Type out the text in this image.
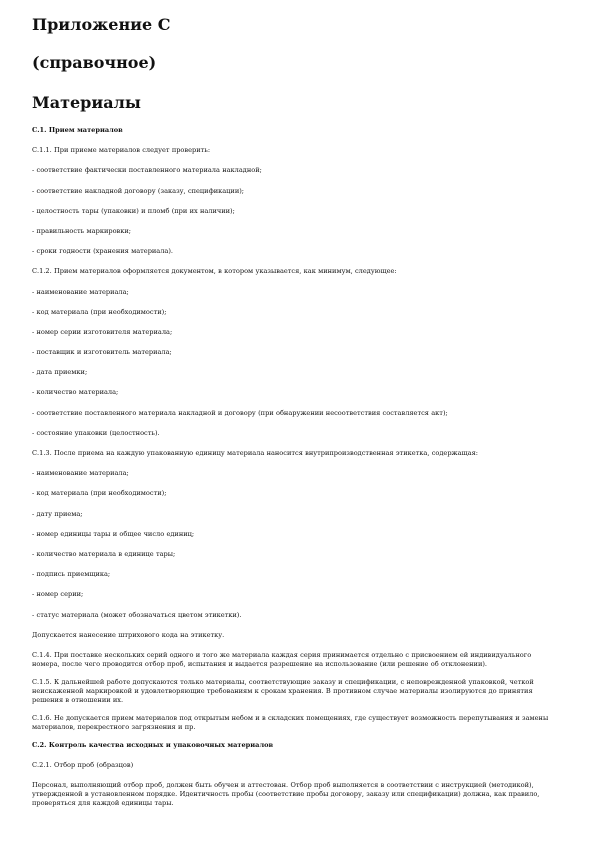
Приложение С
(справочное)
Материалы

С.1. Прием материалов

С.1.1. При приеме материалов следует проверить:

- соответствие фактически поставленного материала накладной;

- соответствие накладной договору (заказу, спецификации);

- целостность тары (упаковки) и пломб (при их наличии);

- правильность маркировки;

- сроки годности (хранения материала).

С.1.2. Прием материалов оформляется документом, в котором указывается, как минимум, следующее:

- наименование материала;

- код материала (при необходимости);

- номер серии изготовителя материала;

- поставщик и изготовитель материала;

- дата приемки;

- количество материала;

- соответствие поставленного материала накладной и договору (при обнаружении несоответствия составляется акт);

- состояние упаковки (целостность).

С.1.3. После приема на каждую упакованную единицу материала наносится внутрипроизводственная этикетка, содержащая:

- наименование материала;

- код материала (при необходимости);

- дату приема;

- номер единицы тары и общее число единиц;

- количество материала в единице тары;

- подпись приемщика;

- номер серии;

- статус материала (может обозначаться цветом этикетки).

Допускается нанесение штрихового кода на этикетку.

С.1.4. При поставке нескольких серий одного и того же материала каждая серия принимается отдельно с присвоением ей индивидуального номера, после чего проводится отбор проб, испытания и выдается разрешение на использование (или решение об отклонении).

С.1.5. К дальнейшей работе допускаются только материалы, соответствующие заказу и спецификации, с неповрежденной упаковкой, четкой неискаженной маркировкой и удовлетворяющие требованиям к срокам хранения. В противном случае материалы изолируются до принятия решения в отношении их.

С.1.6. Не допускается прием материалов под открытым небом и в складских помещениях, где существует возможность перепутывания и замены материалов, перекрестного загрязнения и пр.

С.2. Контроль качества исходных и упаковочных материалов

С.2.1. Отбор проб (образцов)

Персонал, выполняющий отбор проб, должен быть обучен и аттестован. Отбор проб выполняется в соответствии с инструкцией (методикой), утвержденной в установленном порядке. Идентичность пробы (соответствие пробы договору, заказу или спецификации) должна, как правило, проверяться для каждой единицы тары.
